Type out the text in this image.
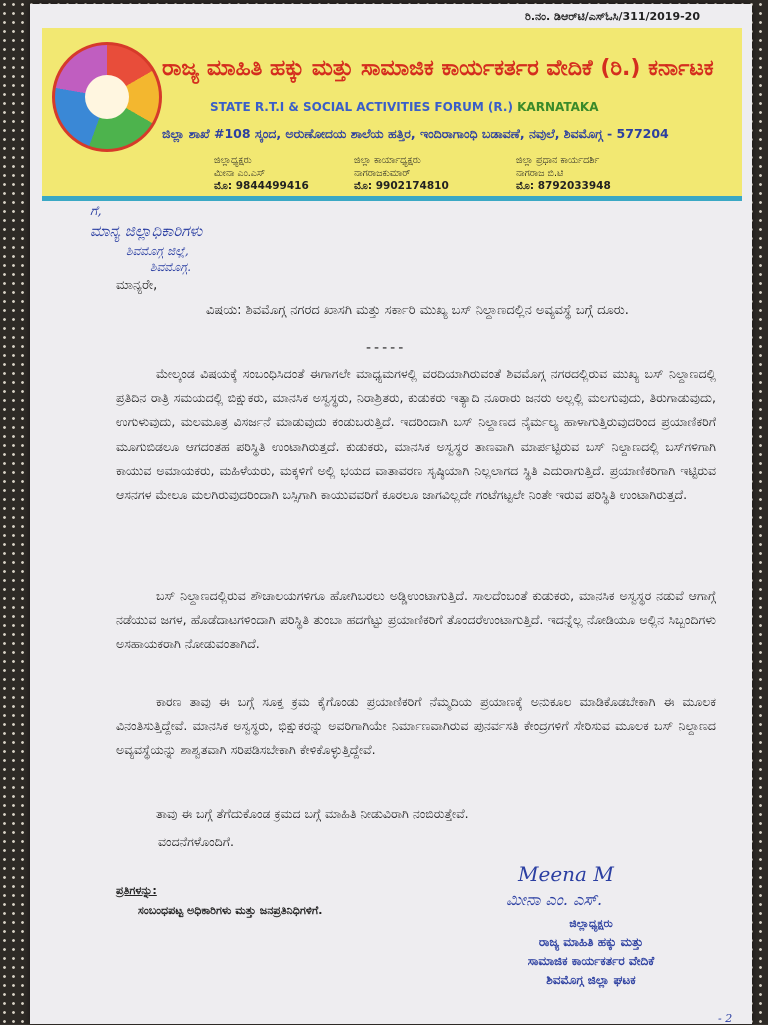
ರಿ.ನಂ. ಡಿಆರ್‌ಟಿ/ಎಸ್‌ಓಸಿ/311/2019-20
ರಾಜ್ಯ ಮಾಹಿತಿ ಹಕ್ಕು ಮತ್ತು ಸಾಮಾಜಿಕ ಕಾರ್ಯಕರ್ತರ ವೇದಿಕೆ (ರಿ.) ಕರ್ನಾಟಕ
STATE R.T.I & SOCIAL ACTIVITIES FORUM (R.) KARNATAKA
ಜಿಲ್ಲಾ ಶಾಖೆ #108 ಸ್ಕಂದ, ಅರುಣೋದಯ ಶಾಲೆಯ ಹತ್ತಿರ, ಇಂದಿರಾಗಾಂಧಿ ಬಡಾವಣೆ, ನವುಲೆ, ಶಿವಮೊಗ್ಗ - 577204
ಜಿಲ್ಲಾಧ್ಯಕ್ಷರು
ಮೀನಾ ಎಂ.ಎಸ್
ಮೊ: 9844499416
ಜಿಲ್ಲಾ ಕಾರ್ಯಾಧ್ಯಕ್ಷರು
ನಾಗರಾಜಕುಮಾರ್
ಮೊ: 9902174810
ಜಿಲ್ಲಾ ಪ್ರಧಾನ ಕಾರ್ಯದರ್ಶಿ
ನಾಗರಾಜ ಬಿ.ಟಿ
ಮೊ: 8792033948
ಗೆ,
ಮಾನ್ಯ ಜಿಲ್ಲಾಧಿಕಾರಿಗಳು
ಶಿವಮೊಗ್ಗ ಜಿಲ್ಲೆ,
ಶಿವಮೊಗ್ಗ.
ಮಾನ್ಯರೇ,
ವಿಷಯ: ಶಿವಮೊಗ್ಗ ನಗರದ ಖಾಸಗಿ ಮತ್ತು ಸರ್ಕಾರಿ ಮುಖ್ಯ ಬಸ್ ನಿಲ್ದಾಣದಲ್ಲಿನ ಅವ್ಯವಸ್ಥೆ ಬಗ್ಗೆ ದೂರು.
-----
ಮೇಲ್ಕಂಡ ವಿಷಯಕ್ಕೆ ಸಂಬಂಧಿಸಿದಂತೆ ಈಗಾಗಲೇ ಮಾಧ್ಯಮಗಳಲ್ಲಿ ವರದಿಯಾಗಿರುವಂತೆ ಶಿವಮೊಗ್ಗ ನಗರದಲ್ಲಿರುವ ಮುಖ್ಯ ಬಸ್ ನಿಲ್ದಾಣದಲ್ಲಿ ಪ್ರತಿದಿನ ರಾತ್ರಿ ಸಮಯದಲ್ಲಿ ಬಿಕ್ಷುಕರು, ಮಾನಸಿಕ ಅಸ್ವಸ್ಥರು, ನಿರಾಶ್ರಿತರು, ಕುಡುಕರು ಇತ್ಯಾದಿ ನೂರಾರು ಜನರು ಅಲ್ಲಲ್ಲಿ ಮಲಗುವುದು, ತಿರುಗಾಡುವುದು, ಉಗುಳುವುದು, ಮಲಮೂತ್ರ ವಿಸರ್ಜನೆ ಮಾಡುವುದು ಕಂಡುಬರುತ್ತಿದೆ. ಇದರಿಂದಾಗಿ ಬಸ್ ನಿಲ್ದಾಣದ ನೈರ್ಮಲ್ಯ ಹಾಳಾಗುತ್ತಿರುವುದರಿಂದ ಪ್ರಯಾಣಿಕರಿಗೆ ಮೂಗುಬಿಡಲೂ ಆಗದಂತಹ ಪರಿಸ್ಥಿತಿ ಉಂಟಾಗಿರುತ್ತದೆ. ಕುಡುಕರು, ಮಾನಸಿಕ ಅಸ್ವಸ್ಥರ ತಾಣವಾಗಿ ಮಾರ್ಪಟ್ಟಿರುವ ಬಸ್ ನಿಲ್ದಾಣದಲ್ಲಿ ಬಸ್‌ಗಳಿಗಾಗಿ ಕಾಯುವ ಅಮಾಯಕರು, ಮಹಿಳೆಯರು, ಮಕ್ಕಳಿಗೆ ಅಲ್ಲಿ ಭಯದ ವಾತಾವರಣ ಸೃಷ್ಠಿಯಾಗಿ ನಿಲ್ಲಲಾಗದ ಸ್ಥಿತಿ ಎದುರಾಗುತ್ತಿದೆ. ಪ್ರಯಾಣಿಕರಿಗಾಗಿ ಇಟ್ಟಿರುವ ಆಸನಗಳ ಮೇಲೂ ಮಲಗಿರುವುದರಿಂದಾಗಿ ಬಸ್ಸಿಗಾಗಿ ಕಾಯುವವರಿಗೆ ಕೂರಲೂ ಜಾಗವಿಲ್ಲದೇ ಗಂಟೆಗಟ್ಟಲೇ ನಿಂತೇ ಇರುವ ಪರಿಸ್ಥಿತಿ ಉಂಟಾಗಿರುತ್ತದೆ.
ಬಸ್ ನಿಲ್ದಾಣದಲ್ಲಿರುವ ಶೌಚಾಲಯಗಳಿಗೂ ಹೋಗಿಬರಲು ಅಡ್ಡಿಉಂಟಾಗುತ್ತಿದೆ. ಸಾಲದೆಂಬಂತೆ ಕುಡುಕರು, ಮಾನಸಿಕ ಅಸ್ವಸ್ಥರ ನಡುವೆ ಆಗಾಗ್ಗೆ ನಡೆಯುವ ಜಗಳ, ಹೊಡೆದಾಟಗಳಿಂದಾಗಿ ಪರಿಸ್ಥಿತಿ ತುಂಬಾ ಹದಗೆಟ್ಟು ಪ್ರಯಾಣಿಕರಿಗೆ ತೊಂದರೆಉಂಟಾಗುತ್ತಿದೆ. ಇದನ್ನೆಲ್ಲ ನೋಡಿಯೂ ಅಲ್ಲಿನ ಸಿಬ್ಬಂದಿಗಳು ಅಸಹಾಯಕರಾಗಿ ನೋಡುವಂತಾಗಿದೆ.
ಕಾರಣ ತಾವು ಈ ಬಗ್ಗೆ ಸೂಕ್ತ ಕ್ರಮ ಕೈಗೊಂಡು ಪ್ರಯಾಣಿಕರಿಗೆ ನೆಮ್ಮದಿಯ ಪ್ರಯಾಣಕ್ಕೆ ಅನುಕೂಲ ಮಾಡಿಕೊಡಬೇಕಾಗಿ ಈ ಮೂಲಕ ವಿನಂತಿಸುತ್ತಿದ್ದೇವೆ. ಮಾನಸಿಕ ಅಸ್ವಸ್ಥರು, ಭಿಕ್ಷುಕರನ್ನು ಅವರಿಗಾಗಿಯೇ ನಿರ್ಮಾಣವಾಗಿರುವ ಪುನರ್ವಸತಿ ಕೇಂದ್ರಗಳಿಗೆ ಸೇರಿಸುವ ಮೂಲಕ ಬಸ್ ನಿಲ್ದಾಣದ ಅವ್ಯವಸ್ಥೆಯನ್ನು ಶಾಶ್ವತವಾಗಿ ಸರಿಪಡಿಸಬೇಕಾಗಿ ಕೇಳಿಕೊಳ್ಳುತ್ತಿದ್ದೇವೆ.
ತಾವು ಈ ಬಗ್ಗೆ ತೆಗೆದುಕೊಂಡ ಕ್ರಮದ ಬಗ್ಗೆ ಮಾಹಿತಿ ನೀಡುವಿರಾಗಿ ನಂಬಿರುತ್ತೇವೆ.
ವಂದನೆಗಳೊಂದಿಗೆ.
ಪ್ರತಿಗಳನ್ನು:
ಸಂಬಂಧಪಟ್ಟ ಅಧಿಕಾರಿಗಳು ಮತ್ತು ಜನಪ್ರತಿನಿಧಿಗಳಿಗೆ.
Meena M
ಮೀನಾ ಎಂ. ಎಸ್.
ಜಿಲ್ಲಾಧ್ಯಕ್ಷರು
ರಾಜ್ಯ ಮಾಹಿತಿ ಹಕ್ಕು ಮತ್ತು
ಸಾಮಾಜಿಕ ಕಾರ್ಯಕರ್ತರ ವೇದಿಕೆ
ಶಿವಮೊಗ್ಗ ಜಿಲ್ಲಾ ಘಟಕ
- 2
